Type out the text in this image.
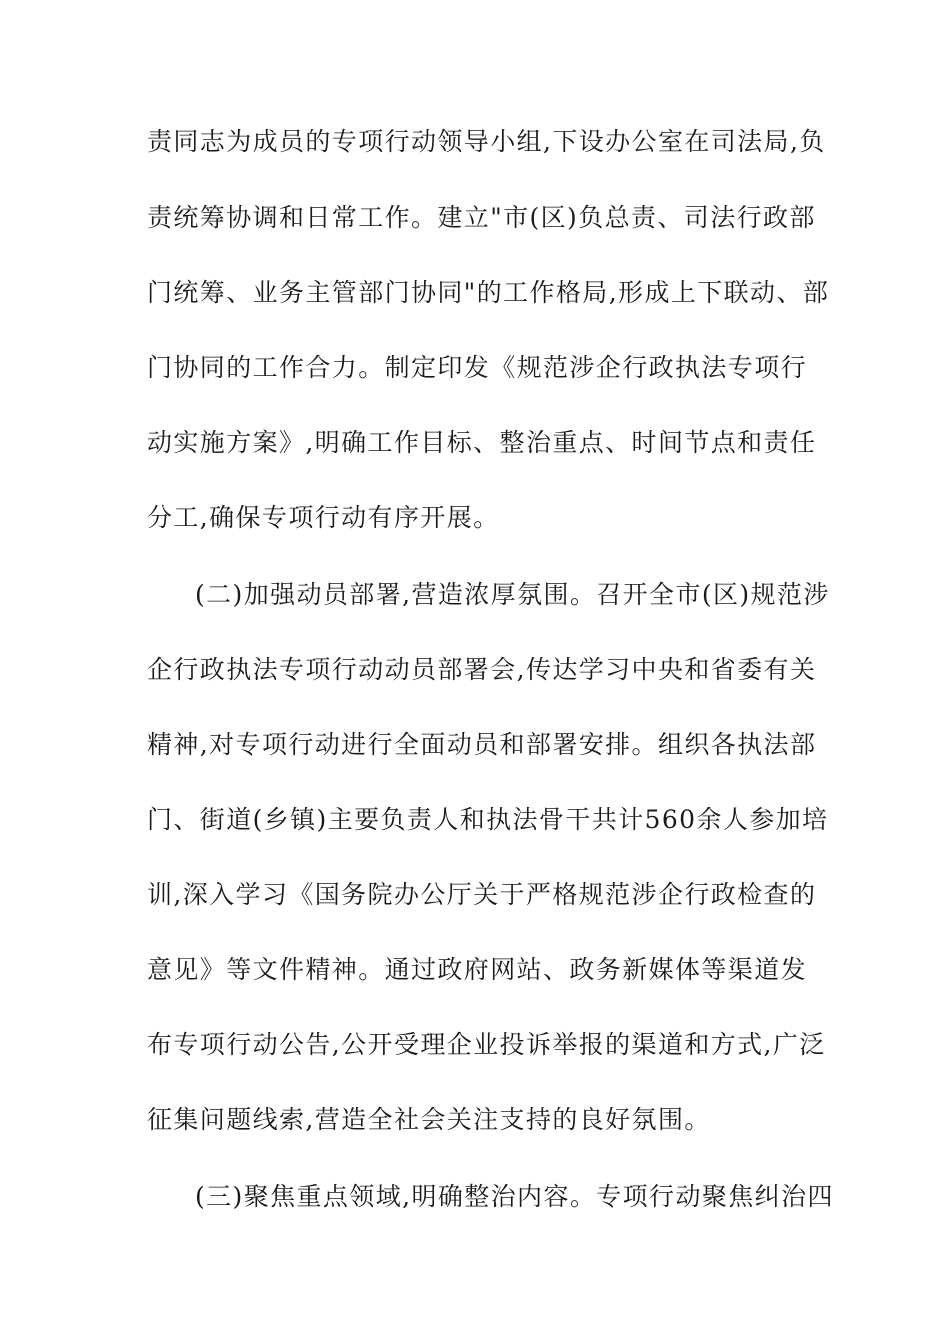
责同志为成员的专项行动领导小组,下设办公室在司法局,负
责统筹协调和日常工作。建立"市(区)负总责、司法行政部
门统筹、业务主管部门协同"的工作格局,形成上下联动、部
门协同的工作合力。制定印发《规范涉企行政执法专项行
动实施方案》,明确工作目标、整治重点、时间节点和责任
分工,确保专项行动有序开展。
(二)加强动员部署,营造浓厚氛围。召开全市(区)规范涉
企行政执法专项行动动员部署会,传达学习中央和省委有关
精神,对专项行动进行全面动员和部署安排。组织各执法部
门、街道(乡镇)主要负责人和执法骨干共计560余人参加培
训,深入学习《国务院办公厅关于严格规范涉企行政检查的
意见》等文件精神。通过政府网站、政务新媒体等渠道发
布专项行动公告,公开受理企业投诉举报的渠道和方式,广泛
征集问题线索,营造全社会关注支持的良好氛围。
(三)聚焦重点领域,明确整治内容。专项行动聚焦纠治四
